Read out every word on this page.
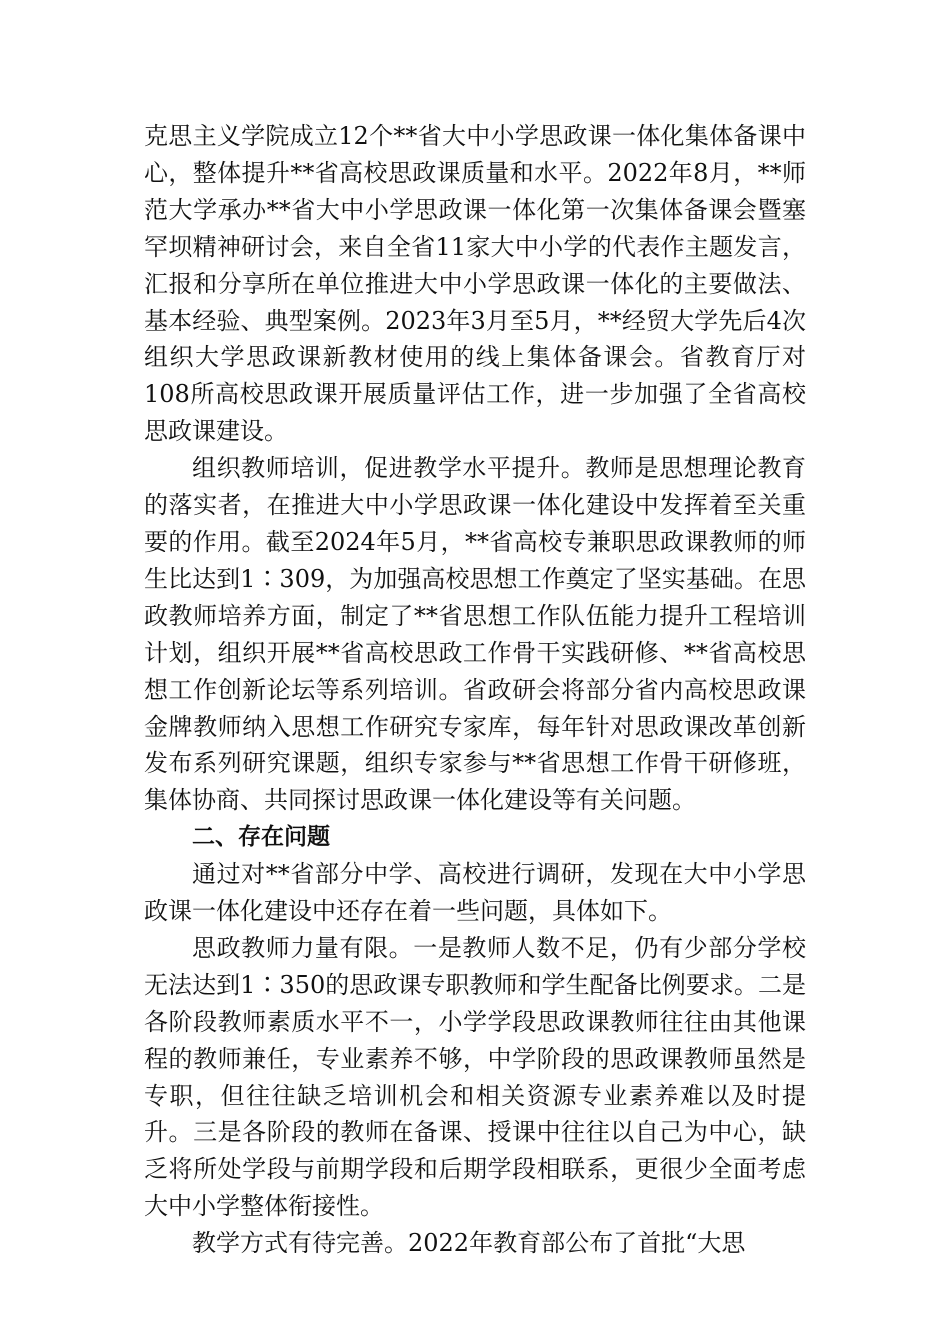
克思主义学院成立12个**省大中小学思政课一体化集体备课中心，整体提升**省高校思政课质量和水平。2022年8月，**师范大学承办**省大中小学思政课一体化第一次集体备课会暨塞罕坝精神研讨会，来自全省11家大中小学的代表作主题发言，汇报和分享所在单位推进大中小学思政课一体化的主要做法、基本经验、典型案例。2023年3月至5月，**经贸大学先后4次组织大学思政课新教材使用的线上集体备课会。省教育厅对108所高校思政课开展质量评估工作，进一步加强了全省高校思政课建设。

组织教师培训，促进教学水平提升。教师是思想理论教育的落实者，在推进大中小学思政课一体化建设中发挥着至关重要的作用。截至2024年5月，**省高校专兼职思政课教师的师生比达到1∶309，为加强高校思想工作奠定了坚实基础。在思政教师培养方面，制定了**省思想工作队伍能力提升工程培训计划，组织开展**省高校思政工作骨干实践研修、**省高校思想工作创新论坛等系列培训。省政研会将部分省内高校思政课金牌教师纳入思想工作研究专家库，每年针对思政课改革创新发布系列研究课题，组织专家参与**省思想工作骨干研修班，集体协商、共同探讨思政课一体化建设等有关问题。

二、存在问题

通过对**省部分中学、高校进行调研，发现在大中小学思政课一体化建设中还存在着一些问题，具体如下。

思政教师力量有限。一是教师人数不足，仍有少部分学校无法达到1∶350的思政课专职教师和学生配备比例要求。二是各阶段教师素质水平不一，小学学段思政课教师往往由其他课程的教师兼任，专业素养不够，中学阶段的思政课教师虽然是专职，但往往缺乏培训机会和相关资源专业素养难以及时提升。三是各阶段的教师在备课、授课中往往以自己为中心，缺乏将所处学段与前期学段和后期学段相联系，更很少全面考虑大中小学整体衔接性。

教学方式有待完善。2022年教育部公布了首批“大思
